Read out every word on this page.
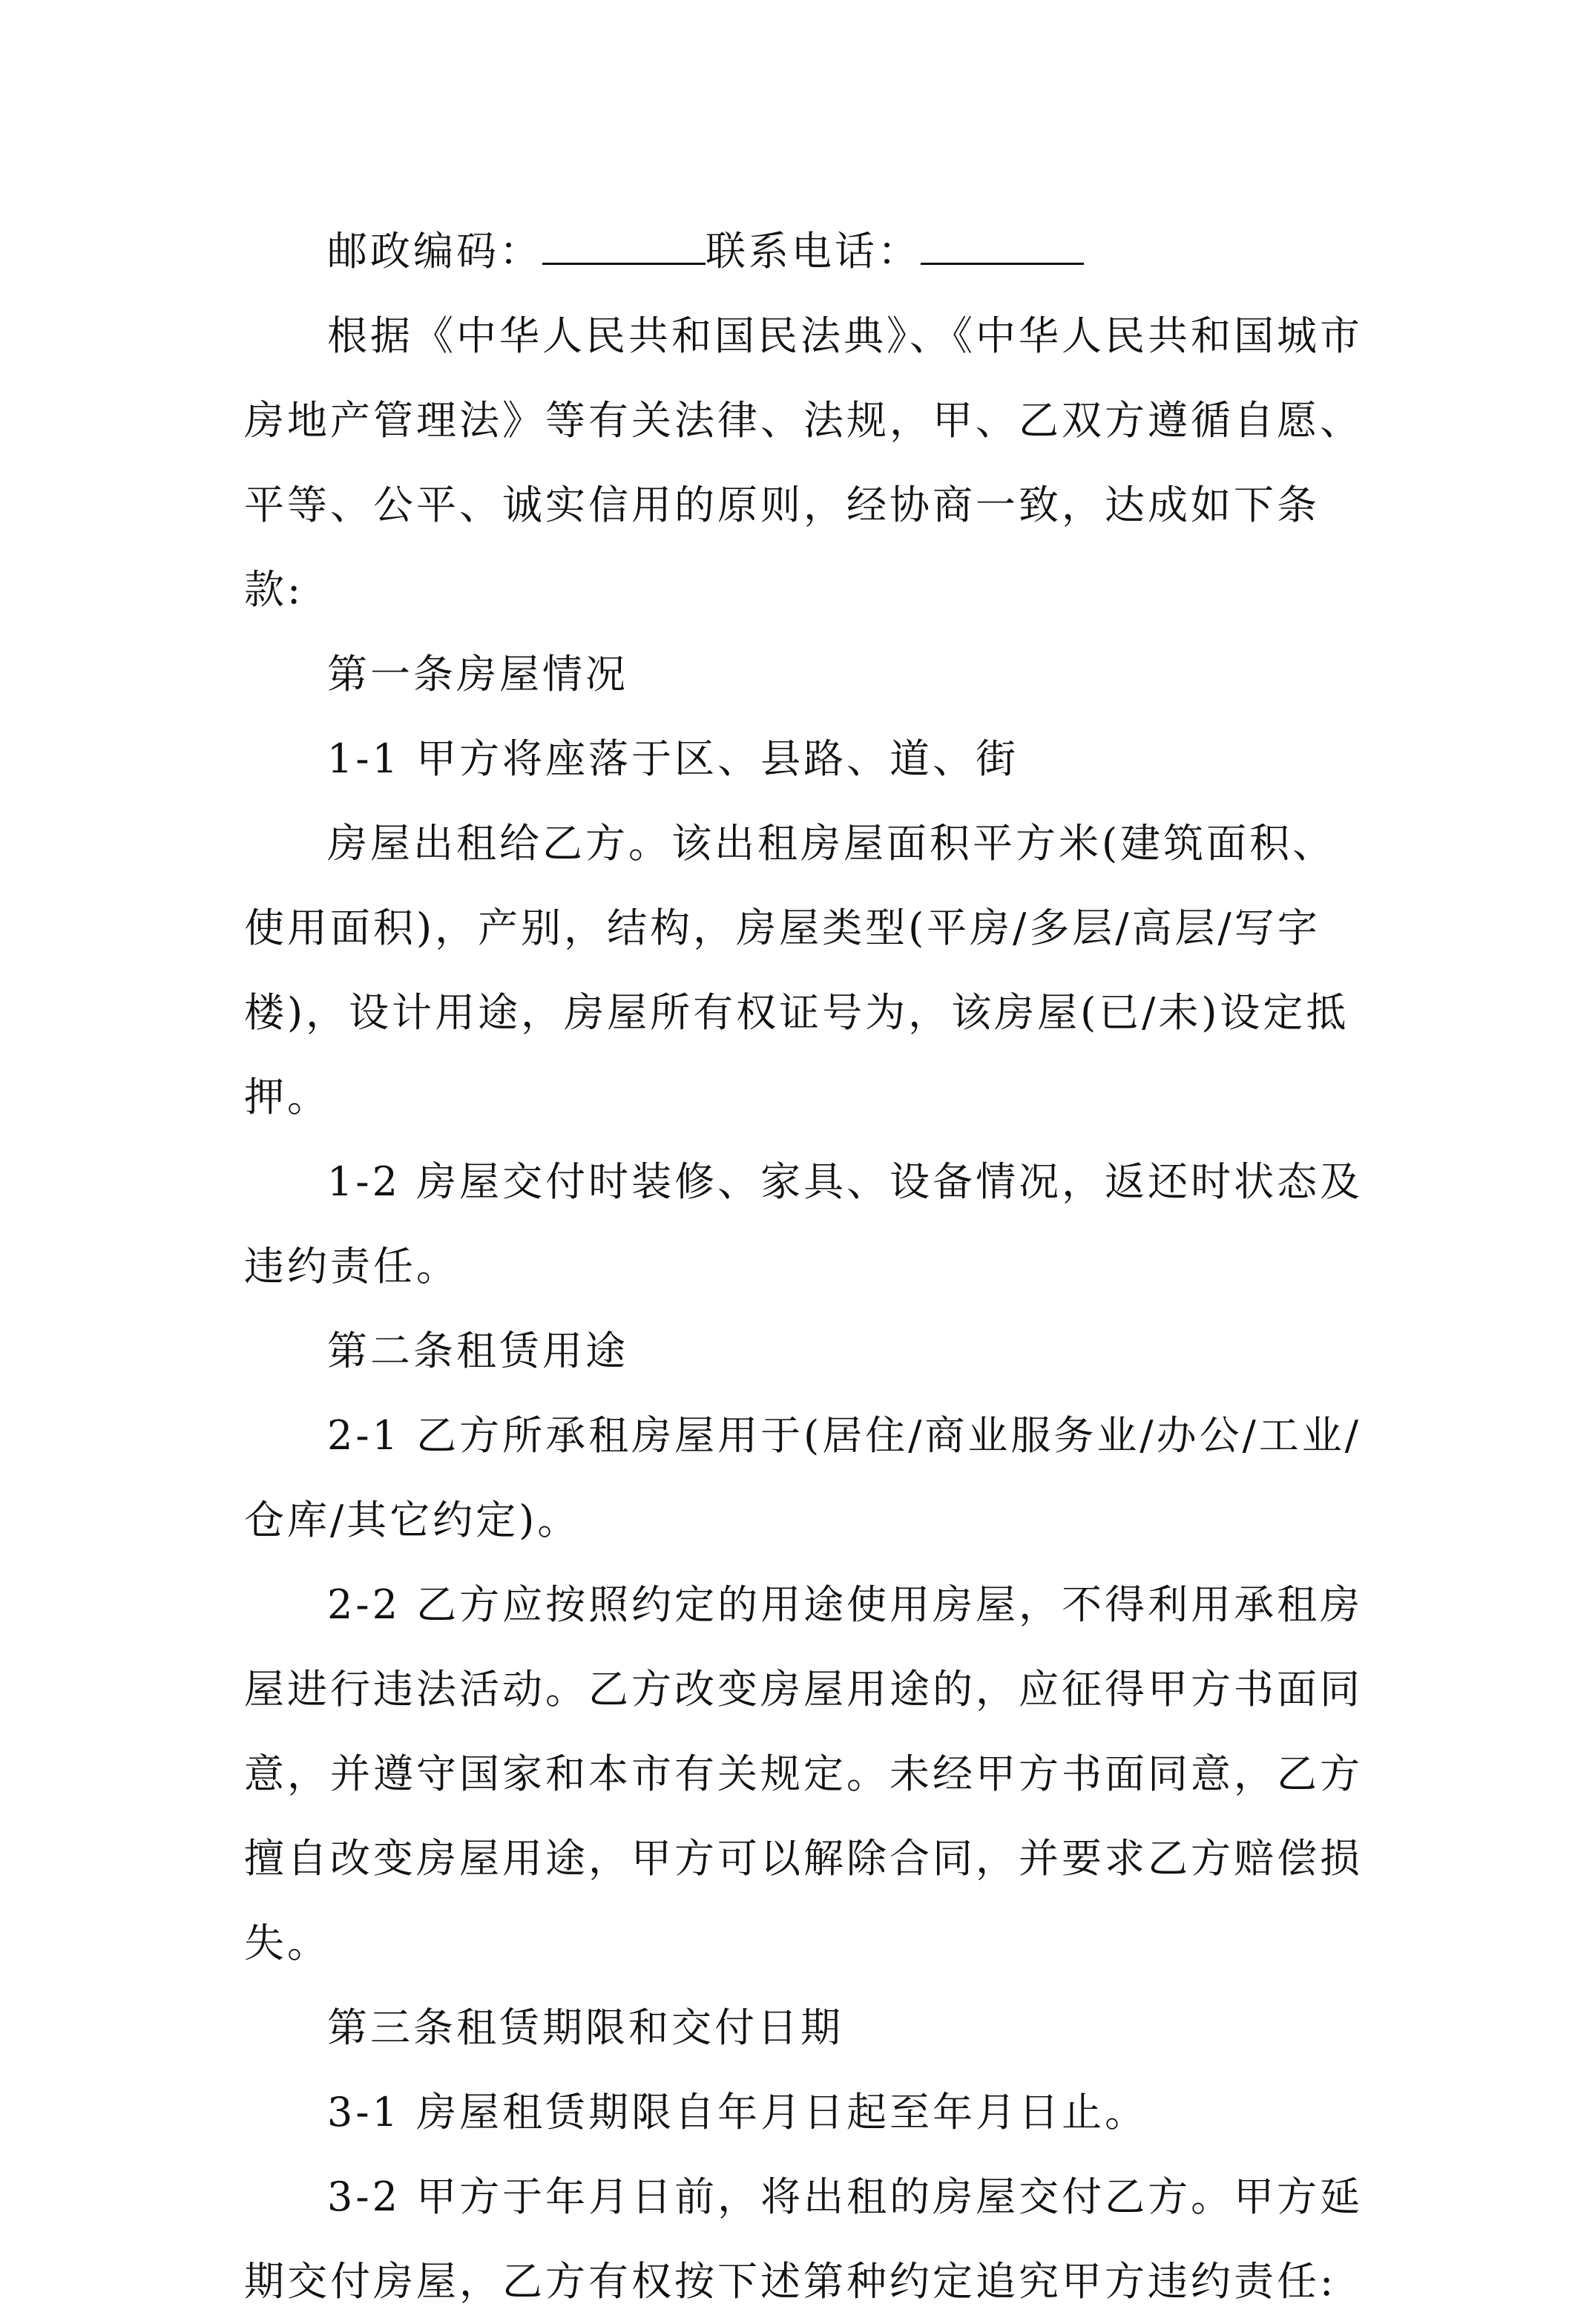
邮政编码：	联系电话：

根据《中华人民共和国民法典》、《中华人民共和国城市房地产管理法》等有关法律、法规，甲、乙双方遵循自愿、平等、公平、诚实信用的原则，经协商一致，达成如下条款:

第一条房屋情况

1-1 甲方将座落于区、县路、道、街

房屋出租给乙方。该出租房屋面积平方米(建筑面积、使用面积)，产别，结构，房屋类型(平房/多层/高层/写字楼)，设计用途，房屋所有权证号为，该房屋(已/未)设定抵押。

1-2 房屋交付时装修、家具、设备情况，返还时状态及违约责任。

第二条租赁用途

2-1 乙方所承租房屋用于(居住/商业服务业/办公/工业/仓库/其它约定)。

2-2 乙方应按照约定的用途使用房屋，不得利用承租房屋进行违法活动。乙方改变房屋用途的，应征得甲方书面同意，并遵守国家和本市有关规定。未经甲方书面同意，乙方擅自改变房屋用途，甲方可以解除合同，并要求乙方赔偿损失。

第三条租赁期限和交付日期

3-1 房屋租赁期限自年月日起至年月日止。

3-2 甲方于年月日前，将出租的房屋交付乙方。甲方延期交付房屋，乙方有权按下述第种约定追究甲方违约责任:
